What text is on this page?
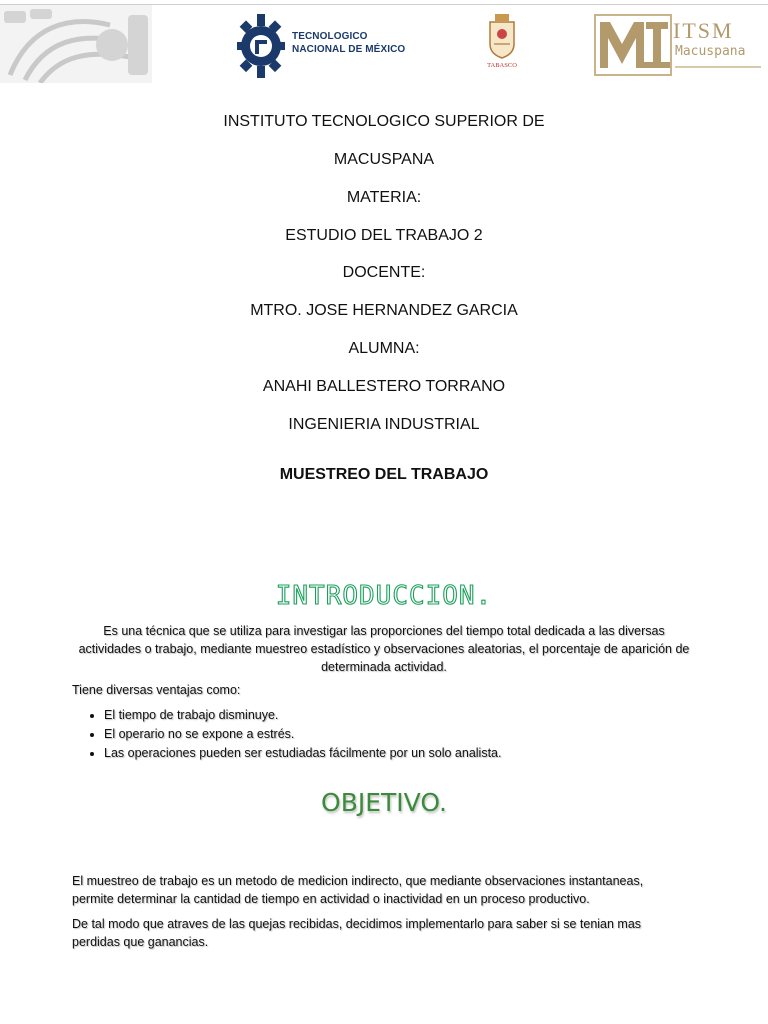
TECNOLOGICO
NACIONAL DE MÉXICO
TABASCO
ITSM
Macuspana
INSTITUTO TECNOLOGICO SUPERIOR DE
MACUSPANA
MATERIA:
ESTUDIO DEL TRABAJO 2
DOCENTE:
MTRO. JOSE HERNANDEZ GARCIA
ALUMNA:
ANAHI BALLESTERO TORRANO
INGENIERIA INDUSTRIAL
MUESTREO DEL TRABAJO
INTRODUCCION.
Es una técnica que se utiliza para investigar las proporciones del tiempo total dedicada a las diversas
actividades o trabajo, mediante muestreo estadístico y observaciones aleatorias, el porcentaje de aparición de
determinada actividad.
Tiene diversas ventajas como:
• El tiempo de trabajo disminuye.
• El operario no se expone a estrés.
• Las operaciones pueden ser estudiadas fácilmente por un solo analista.
OBJETIVO.
El muestreo de trabajo es un metodo de medicion indirecto, que mediante observaciones instantaneas,
permite determinar la cantidad de tiempo en actividad o inactividad en un proceso productivo.
De tal modo que atraves de las quejas recibidas, decidimos implementarlo para saber si se tenian mas
perdidas que ganancias.
